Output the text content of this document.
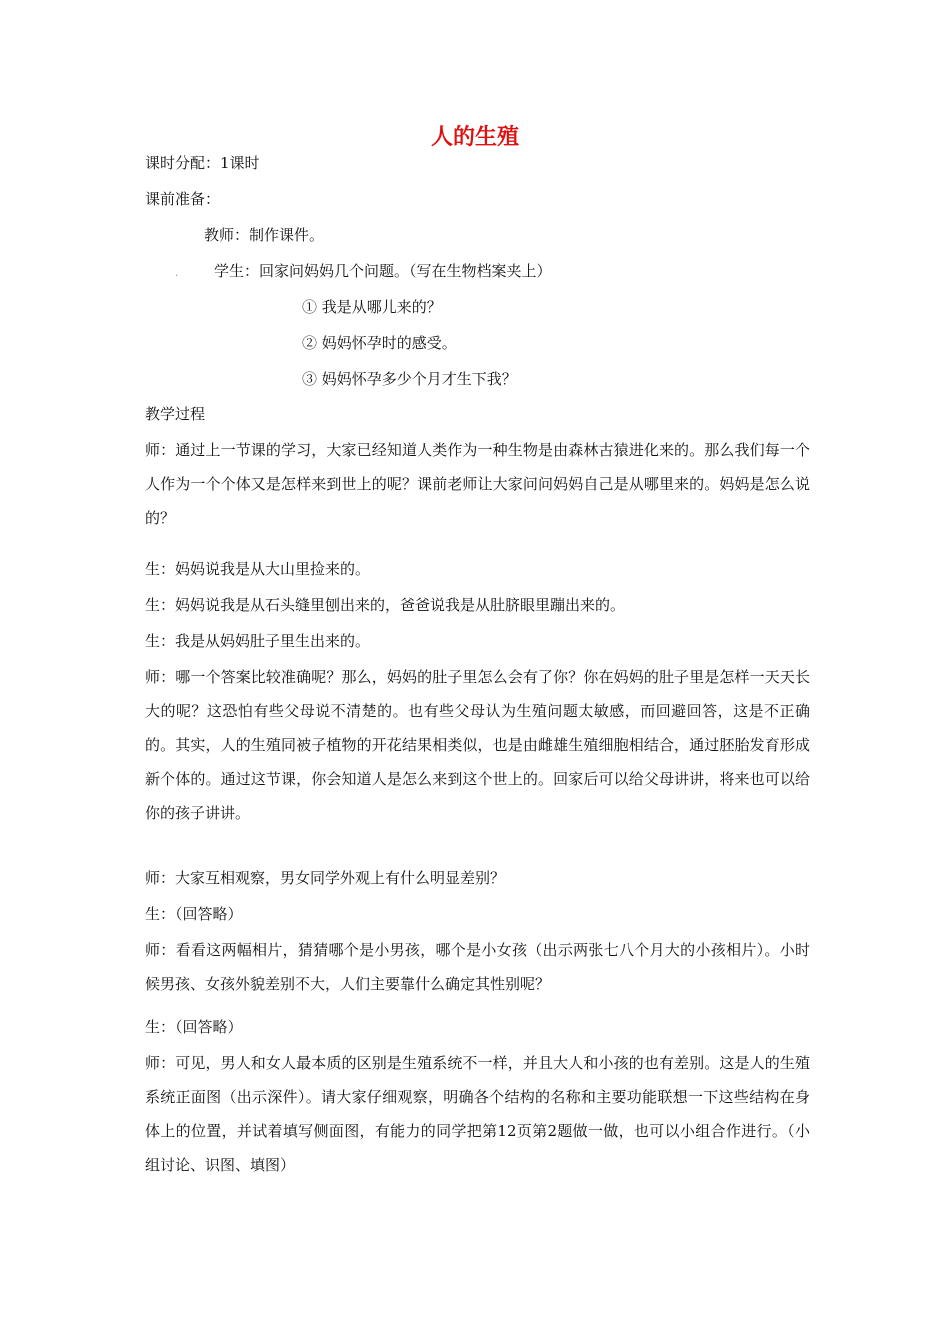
人的生殖
课时分配：1课时
课前准备：
教师：制作课件。
. 学生：回家问妈妈几个问题。（写在生物档案夹上）
① 我是从哪儿来的？
② 妈妈怀孕时的感受。
③ 妈妈怀孕多少个月才生下我？
教学过程
师：通过上一节课的学习，大家已经知道人类作为一种生物是由森林古猿进化来的。那么我们每一个人作为一个个体又是怎样来到世上的呢？课前老师让大家问问妈妈自己是从哪里来的。妈妈是怎么说的？
生：妈妈说我是从大山里捡来的。
生：妈妈说我是从石头缝里刨出来的，爸爸说我是从肚脐眼里蹦出来的。
生：我是从妈妈肚子里生出来的。
师：哪一个答案比较准确呢？那么，妈妈的肚子里怎么会有了你？你在妈妈的肚子里是怎样一天天长大的呢？这恐怕有些父母说不清楚的。也有些父母认为生殖问题太敏感，而回避回答，这是不正确的。其实，人的生殖同被子植物的开花结果相类似，也是由雌雄生殖细胞相结合，通过胚胎发育形成新个体的。通过这节课，你会知道人是怎么来到这个世上的。回家后可以给父母讲讲，将来也可以给你的孩子讲讲。
师：大家互相观察，男女同学外观上有什么明显差别？
生：（回答略）
师：看看这两幅相片，猜猜哪个是小男孩，哪个是小女孩（出示两张七八个月大的小孩相片）。小时候男孩、女孩外貌差别不大，人们主要靠什么确定其性别呢？
生：（回答略）
师：可见，男人和女人最本质的区别是生殖系统不一样，并且大人和小孩的也有差别。这是人的生殖系统正面图（出示深件）。请大家仔细观察，明确各个结构的名称和主要功能联想一下这些结构在身体上的位置，并试着填写侧面图，有能力的同学把第12页第2题做一做，也可以小组合作进行。（小组讨论、识图、填图）
